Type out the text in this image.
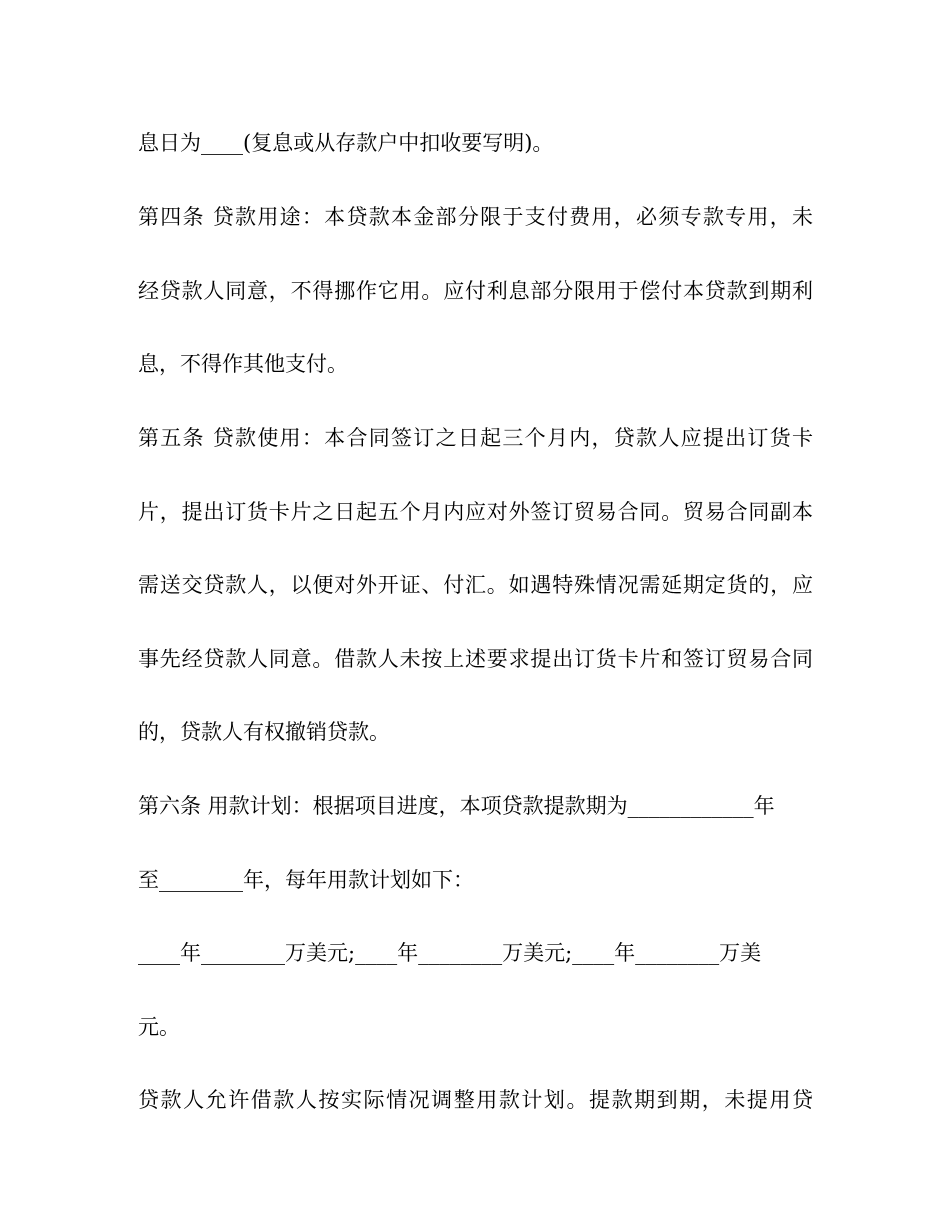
息日为____(复息或从存款户中扣收要写明)。

第四条 贷款用途：本贷款本金部分限于支付费用，必须专款专用，未

经贷款人同意，不得挪作它用。应付利息部分限用于偿付本贷款到期利

息，不得作其他支付。

第五条 贷款使用：本合同签订之日起三个月内，贷款人应提出订货卡

片，提出订货卡片之日起五个月内应对外签订贸易合同。贸易合同副本

需送交贷款人，以便对外开证、付汇。如遇特殊情况需延期定货的，应

事先经贷款人同意。借款人未按上述要求提出订货卡片和签订贸易合同

的，贷款人有权撤销贷款。

第六条 用款计划：根据项目进度，本项贷款提款期为____________年

至________年，每年用款计划如下：

____年________万美元;____年________万美元;____年________万美

元。

贷款人允许借款人按实际情况调整用款计划。提款期到期，未提用贷
